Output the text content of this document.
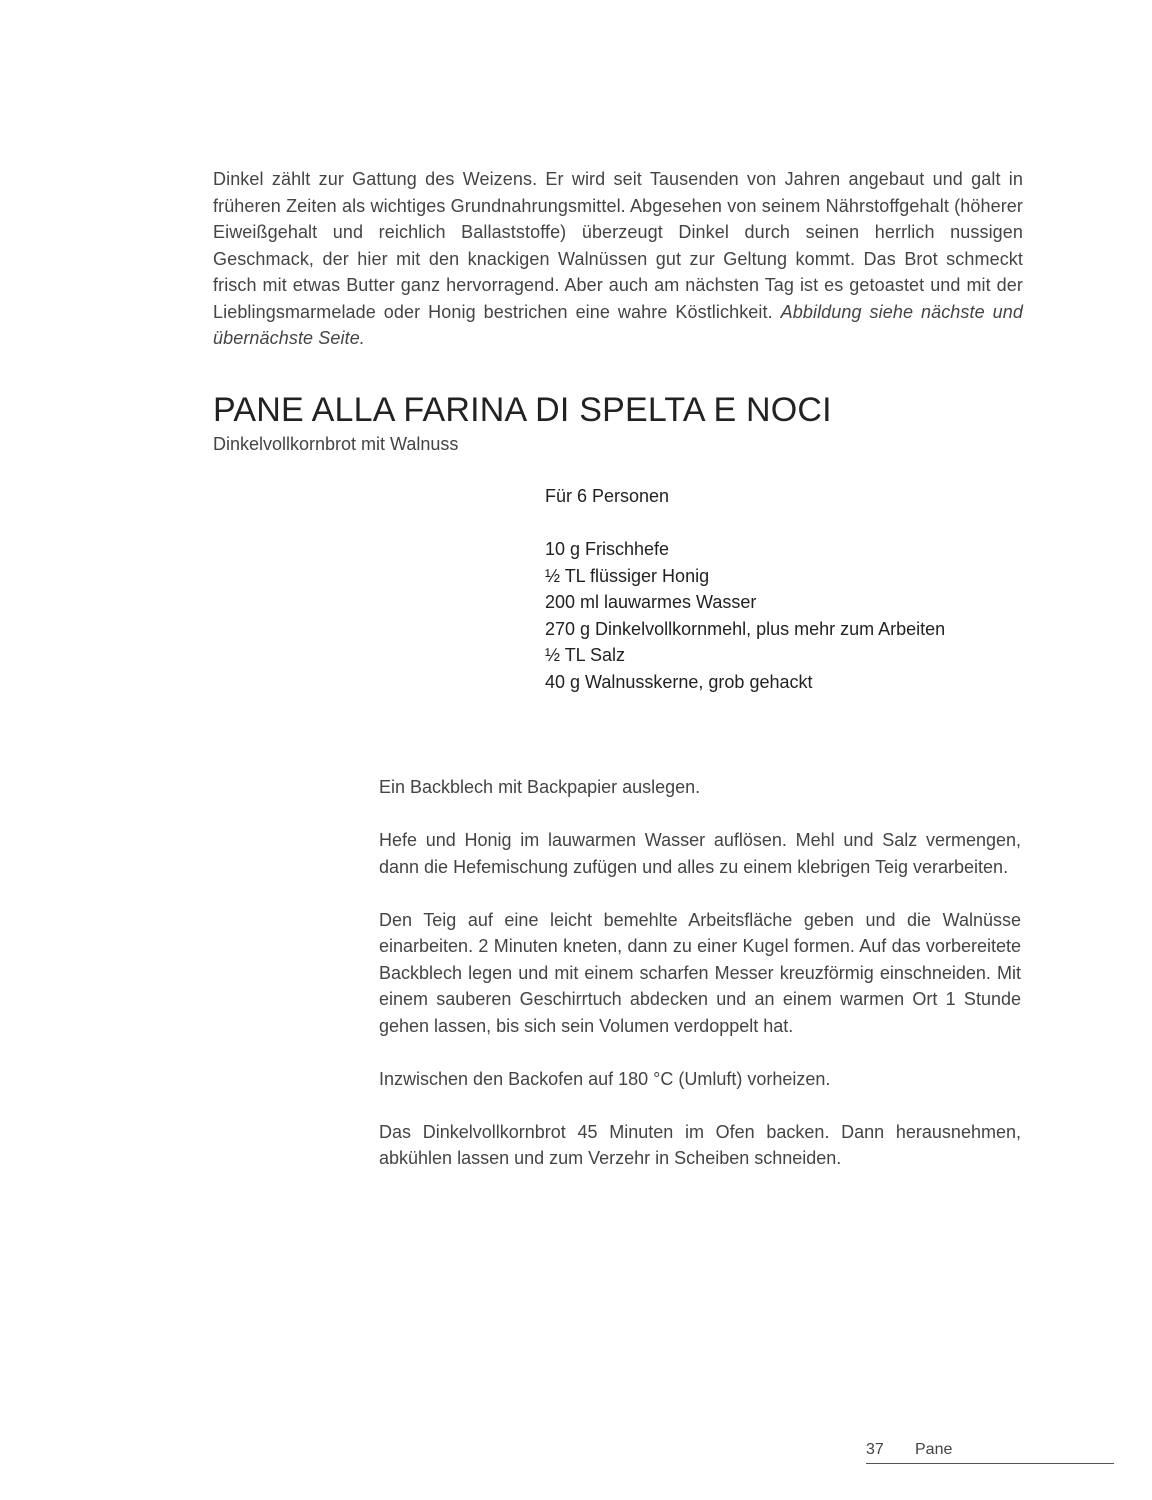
Dinkel zählt zur Gattung des Weizens. Er wird seit Tausenden von Jahren angebaut und galt in früheren Zeiten als wichtiges Grundnahrungsmittel. Abgesehen von seinem Nährstoffgehalt (höherer Eiweißgehalt und reichlich Ballaststoffe) überzeugt Dinkel durch seinen herrlich nussigen Geschmack, der hier mit den knackigen Walnüssen gut zur Geltung kommt. Das Brot schmeckt frisch mit etwas Butter ganz hervorragend. Aber auch am nächsten Tag ist es getoastet und mit der Lieblingsmarmelade oder Honig bestrichen eine wahre Köstlichkeit. Abbildung siehe nächste und übernächste Seite.

PANE ALLA FARINA DI SPELTA E NOCI

Dinkelvollkornbrot mit Walnuss

Für 6 Personen

10 g Frischhefe
½ TL flüssiger Honig
200 ml lauwarmes Wasser
270 g Dinkelvollkornmehl, plus mehr zum Arbeiten
½ TL Salz
40 g Walnusskerne, grob gehackt

Ein Backblech mit Backpapier auslegen.

Hefe und Honig im lauwarmen Wasser auflösen. Mehl und Salz vermengen, dann die Hefemischung zufügen und alles zu einem klebrigen Teig verarbeiten.

Den Teig auf eine leicht bemehlte Arbeitsfläche geben und die Walnüsse einarbeiten. 2 Minuten kneten, dann zu einer Kugel formen. Auf das vorbereitete Backblech legen und mit einem scharfen Messer kreuzförmig einschneiden. Mit einem sauberen Geschirrtuch abdecken und an einem warmen Ort 1 Stunde gehen lassen, bis sich sein Volumen verdoppelt hat.

Inzwischen den Backofen auf 180 °C (Umluft) vorheizen.

Das Dinkelvollkornbrot 45 Minuten im Ofen backen. Dann herausnehmen, abkühlen lassen und zum Verzehr in Scheiben schneiden.

37 Pane
